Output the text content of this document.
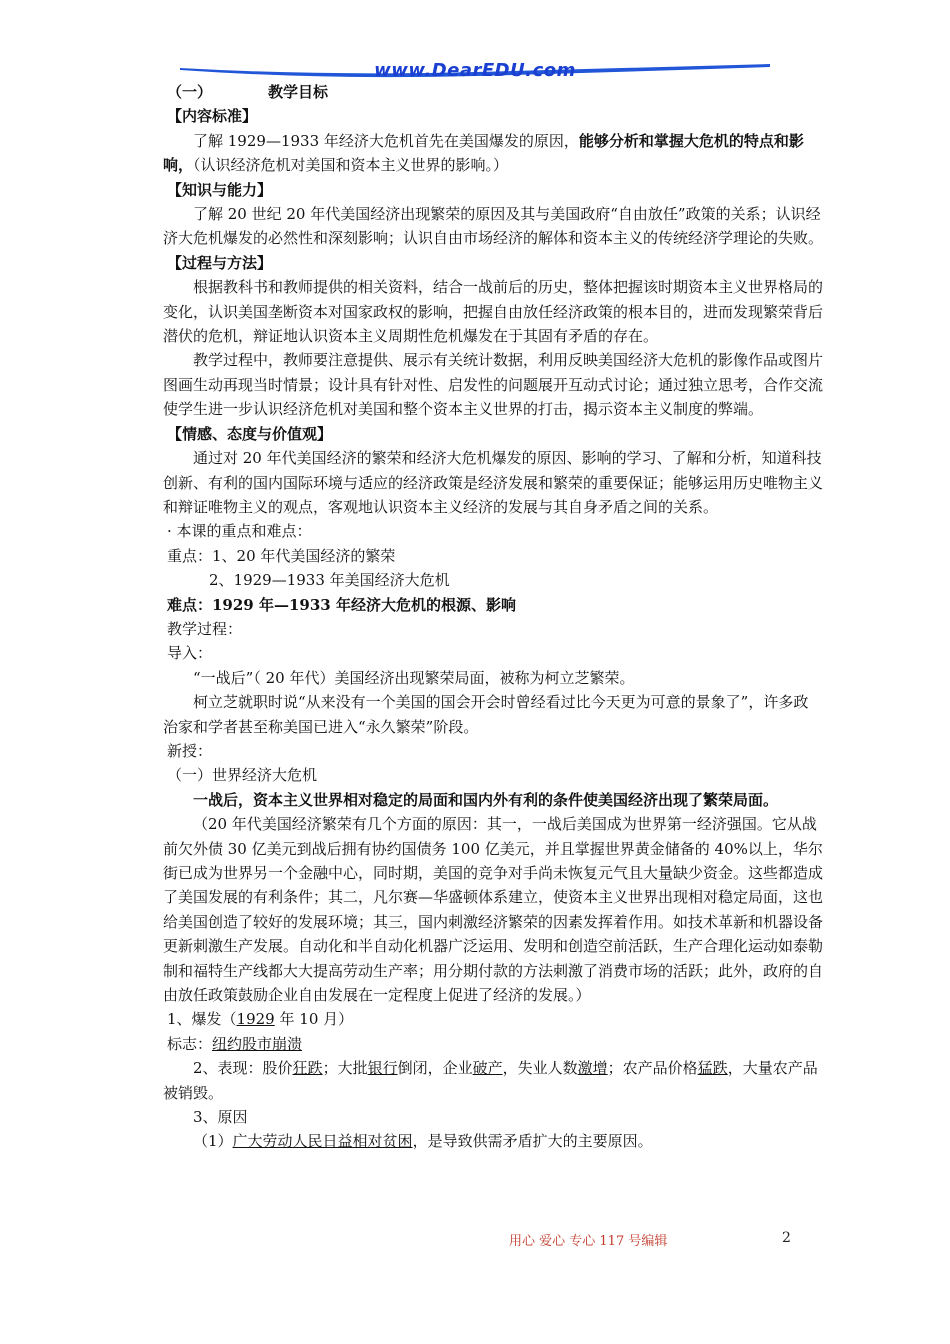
www.DearEDU.com

（一）	教学目标

【内容标准】

了解 1929—1933 年经济大危机首先在美国爆发的原因，能够分析和掌握大危机的特点和影响，（认识经济危机对美国和资本主义世界的影响。）

【知识与能力】

了解 20 世纪 20 年代美国经济出现繁荣的原因及其与美国政府“自由放任”政策的关系；认识经济大危机爆发的必然性和深刻影响；认识自由市场经济的解体和资本主义的传统经济学理论的失败。

【过程与方法】

根据教科书和教师提供的相关资料，结合一战前后的历史，整体把握该时期资本主义世界格局的变化，认识美国垄断资本对国家政权的影响，把握自由放任经济政策的根本目的，进而发现繁荣背后潜伏的危机，辩证地认识资本主义周期性危机爆发在于其固有矛盾的存在。

教学过程中，教师要注意提供、展示有关统计数据，利用反映美国经济大危机的影像作品或图片图画生动再现当时情景；设计具有针对性、启发性的问题展开互动式讨论；通过独立思考，合作交流使学生进一步认识经济危机对美国和整个资本主义世界的打击，揭示资本主义制度的弊端。

【情感、态度与价值观】

通过对 20 年代美国经济的繁荣和经济大危机爆发的原因、影响的学习、了解和分析，知道科技创新、有利的国内国际环境与适应的经济政策是经济发展和繁荣的重要保证；能够运用历史唯物主义和辩证唯物主义的观点，客观地认识资本主义经济的发展与其自身矛盾之间的关系。

· 本课的重点和难点：

重点：1、20 年代美国经济的繁荣

2、1929—1933 年美国经济大危机

难点：1929 年—1933 年经济大危机的根源、影响

教学过程：

导入：

“一战后”（ 20 年代）美国经济出现繁荣局面，被称为柯立芝繁荣。

柯立芝就职时说“从来没有一个美国的国会开会时曾经看过比今天更为可意的景象了”，许多政治家和学者甚至称美国已进入“永久繁荣”阶段。

新授：

（一）世界经济大危机

一战后，资本主义世界相对稳定的局面和国内外有利的条件使美国经济出现了繁荣局面。

（20 年代美国经济繁荣有几个方面的原因：其一，一战后美国成为世界第一经济强国。它从战前欠外债 30 亿美元到战后拥有协约国债务 100 亿美元，并且掌握世界黄金储备的 40%以上，华尔街已成为世界另一个金融中心，同时期，美国的竞争对手尚未恢复元气且大量缺少资金。这些都造成了美国发展的有利条件；其二，凡尔赛—华盛顿体系建立，使资本主义世界出现相对稳定局面，这也给美国创造了较好的发展环境；其三，国内刺激经济繁荣的因素发挥着作用。如技术革新和机器设备更新刺激生产发展。自动化和半自动化机器广泛运用、发明和创造空前活跃，生产合理化运动如泰勒制和福特生产线都大大提高劳动生产率；用分期付款的方法刺激了消费市场的活跃；此外，政府的自由放任政策鼓励企业自由发展在一定程度上促进了经济的发展。）

1、爆发（1929 年 10 月）

标志：纽约股市崩溃

2、表现：股价狂跌；大批银行倒闭，企业破产，失业人数激增；农产品价格猛跌，大量农产品被销毁。

3、原因

（1）广大劳动人民日益相对贫困，是导致供需矛盾扩大的主要原因。

用心 爱心 专心 117 号编辑	2
